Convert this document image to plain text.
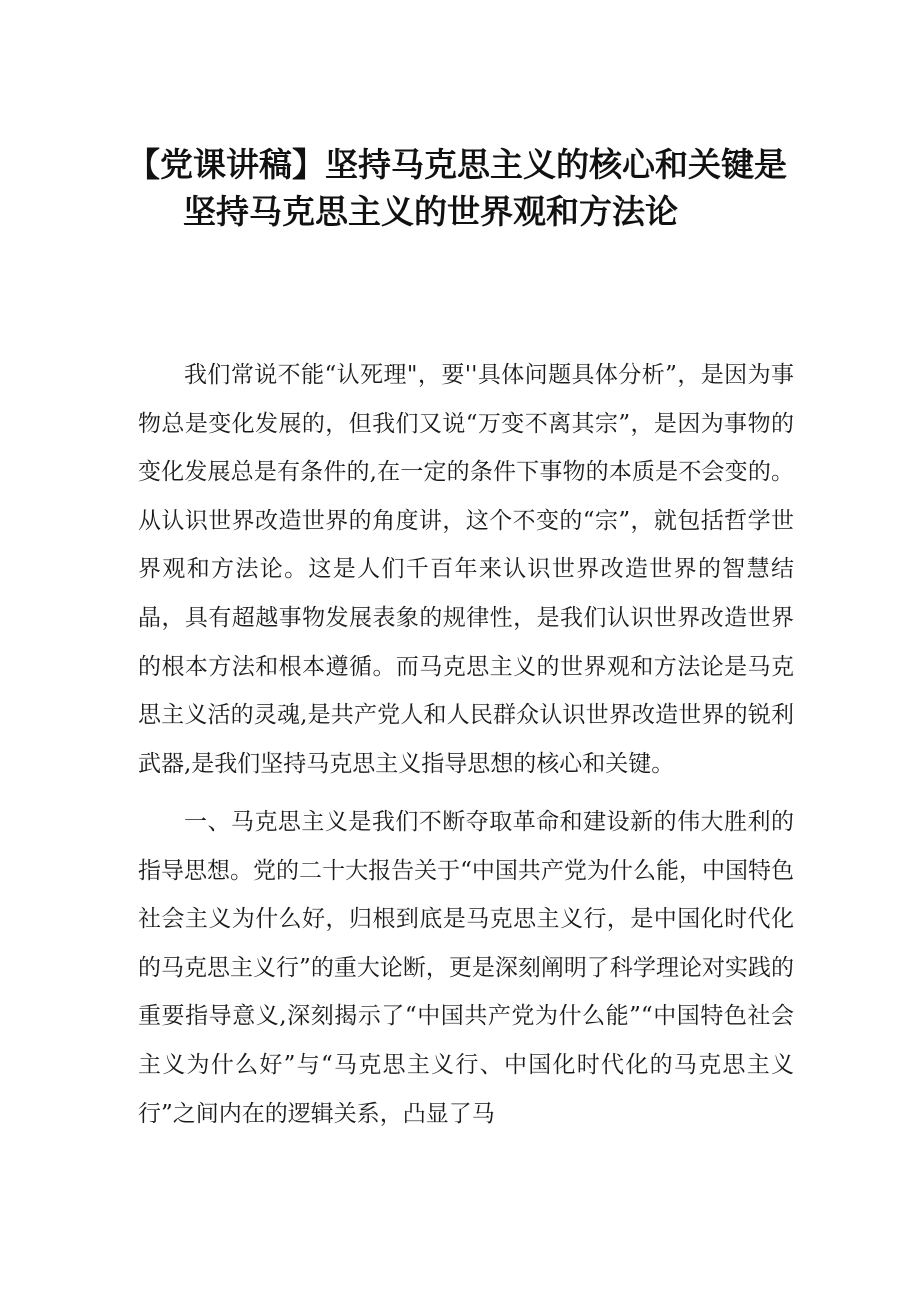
【党课讲稿】坚持马克思主义的核心和关键是
坚持马克思主义的世界观和方法论

我们常说不能“认死理"，要''具体问题具体分析”，是因为事物总是变化发展的，但我们又说“万变不离其宗”，是因为事物的变化发展总是有条件的,在一定的条件下事物的本质是不会变的。从认识世界改造世界的角度讲，这个不变的“宗”，就包括哲学世界观和方法论。这是人们千百年来认识世界改造世界的智慧结晶，具有超越事物发展表象的规律性，是我们认识世界改造世界的根本方法和根本遵循。而马克思主义的世界观和方法论是马克思主义活的灵魂,是共产党人和人民群众认识世界改造世界的锐利武器,是我们坚持马克思主义指导思想的核心和关键。

一、马克思主义是我们不断夺取革命和建设新的伟大胜利的指导思想。党的二十大报告关于“中国共产党为什么能，中国特色社会主义为什么好，归根到底是马克思主义行，是中国化时代化的马克思主义行”的重大论断，更是深刻阐明了科学理论对实践的重要指导意义,深刻揭示了“中国共产党为什么能”“中国特色社会主义为什么好”与“马克思主义行、中国化时代化的马克思主义行”之间内在的逻辑关系，凸显了马
